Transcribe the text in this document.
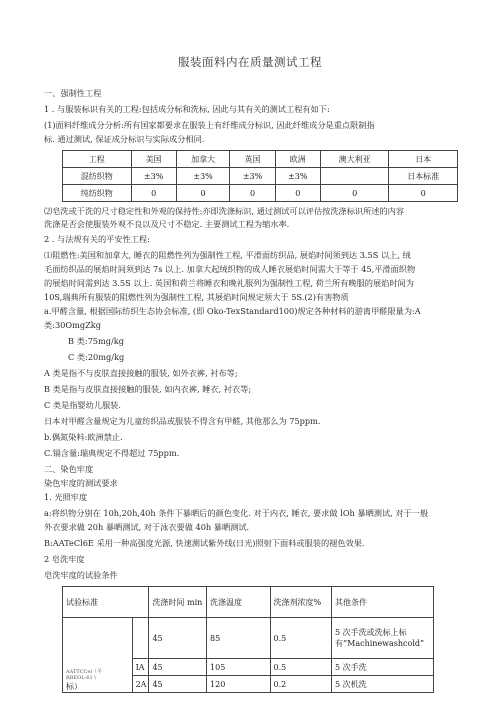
服装面料内在质量测试工程
一、强制性工程
1 . 与服装标识有关的工程:包括成分标和洗标, 因此与其有关的测试工程有如下:
(1)面料纤维成分分析:所有国家都要求在服装上有纤维成分标识, 因此纤维成分是重点限制指
标. 通过测试, 保证成分标识与实际成分相同.
工程	美国	加拿大	英国	欧洲	澳大利亚	日本
混纺织物	±3%	±3%	±3%	±3%		日本标准
纯纺织物	0	0	0	0	0	0
⑵皂洗或干洗的尺寸稳定性和外观的保持性:亦即洗涤标识, 通过测试可以评估按洗涤标识所述的内容
洗涤是否会使服装外观不良以及尺寸不稳定. 主要测试工程为缩水率.
2 . 与法规有关的平安性工程:
⑴阻燃性:美国和加拿大, 睡衣的阻燃性列为强制性工程, 平滑面纺织品, 展焰时间须到达 3.5S 以上, 绒
毛面纺织品的展焰时间须到达 7s 以上. 加拿大起绒织物的成人睡衣展焰时间需大于等于 45,平滑面织物
的展焰时间需到达 3.5S 以上. 英国和荷兰将睡衣和晚礼服列为强制性工程, 荷兰所有晚服的展焰时间为
10S,瑞典所有服装的阻燃性列为强制性工程, 其展焰时间规定须大于 5S.(2)有害物质
a.甲醛含量, 根据国际纺织生态协会标准, (即 Oko-TexStandard100)规定各种材料的游离甲醛限量为:A
类:30OmgZkg
B 类:75mg/kg
C 类:20mg/kg
A 类是指不与皮肤直接接触的服装, 如外衣裤, 衬布等;
B 类是指与皮肤直接接触的服装, 如内衣裤, 睡衣, 衬衣等;
C 类是指婴幼儿服装.
日本对甲醛含量规定为儿童纺织品或服装不得含有甲醛, 其他那么为 75ppm.
b.偶氮染料:欧洲禁止.
C.镉含量:瑞典规定不得超过 75ppm.
二、染色牢度
染色牢度的测试要求
1. 光照牢度
a:将织物分别在 10h,20h,40h 条件下暴晒后的颜色变化. 对于内衣, 睡衣, 要求做 lOh 暴晒测试, 对于一般
外衣要求做 20h 暴晒测试, 对于泳衣要做 40h 暴晒测试.
B:AATeCl6E 采用一种高强度光源, 快速测试紫外线(日光)照射下面料或服装的褪色效果.
2 皂洗牢度
皂洗牢度的试验条件
试验标准		洗涤时间 min	洗涤温度	洗涤剂浓度%	其他条件

AATTCCel（羊
RREOL-61 \
标）		45	85	0.5	5 次手洗或洗标上标有“Machinewashcold”
	IA	45	105	0.5	5 次手洗
	2A	45	120	0.2	5 次机洗
